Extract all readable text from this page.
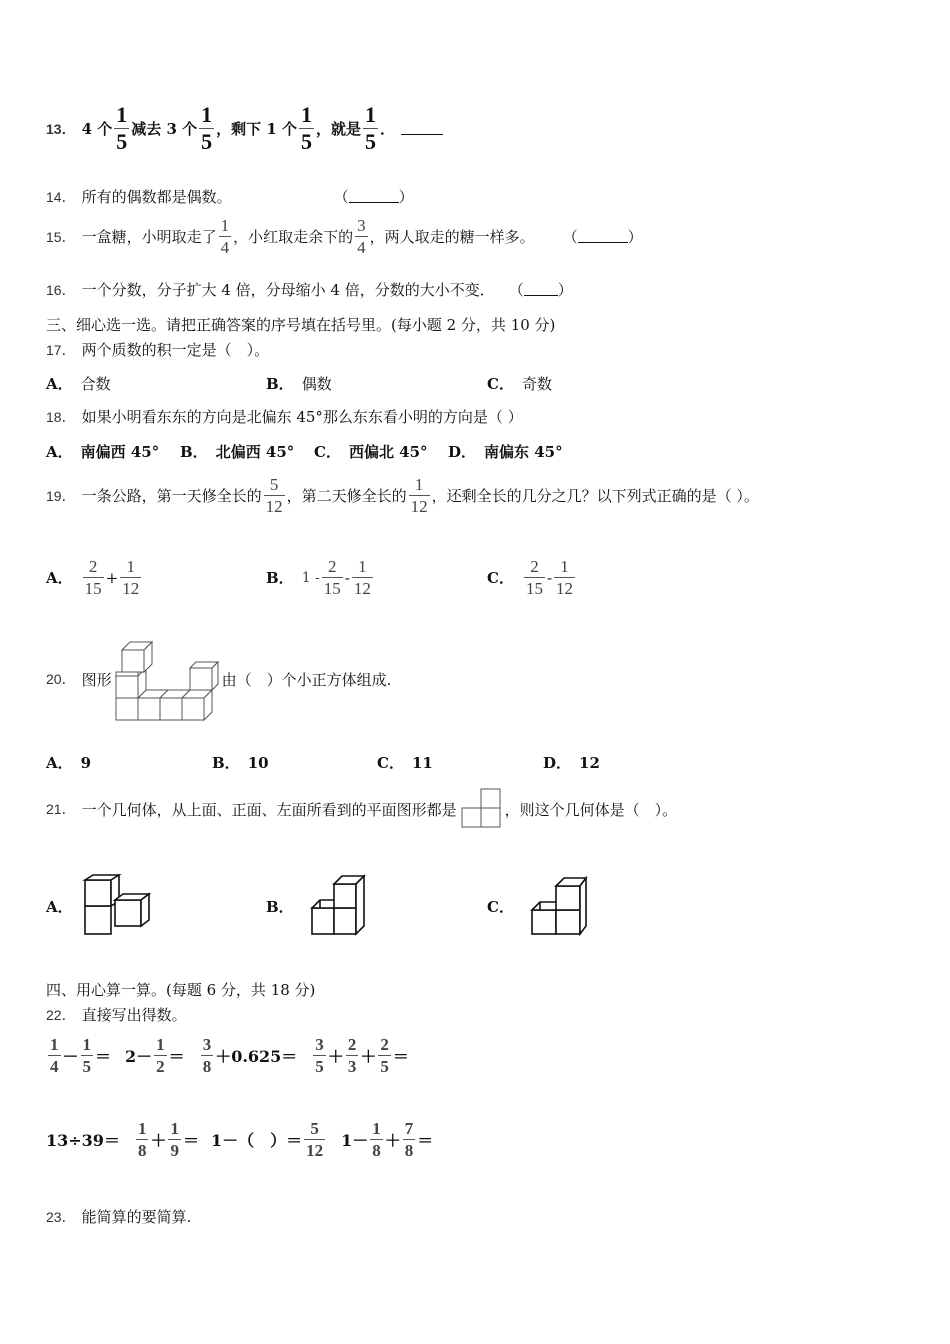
13． 4 个 $\frac{1}{5}$ 减去 3 个 $\frac{1}{5}$ ，剩下 1 个 $\frac{1}{5}$ ，就是 $\frac{1}{5}$ ．
14． 所有的偶数都是偶数。	（	）
15． 一盒糖，小明取走了 $\frac{1}{4}$ ，小红取走余下的 $\frac{3}{4}$ ，两人取走的糖一样多。 （	）
16． 一个分数，分子扩大 4 倍，分母缩小 4 倍，分数的大小不变． （ ）
三、细心选一选。请把正确答案的序号填在括号里。(每小题 2 分，共 10 分)
17． 两个质数的积一定是（　）。
A． 合数	B． 偶数	C． 奇数
18． 如果小明看东东的方向是北偏东 45°那么东东看小明的方向是（ ）
A． 南偏西 45° B． 北偏西 45° C． 西偏北 45° D． 南偏东 45°
19． 一条公路，第一天修全长的 $\frac{5}{12}$ ，第二天修全长的 $\frac{1}{12}$ ，还剩全长的几分之几？以下列式正确的是（ ）。
A． $\frac{2}{15} + \frac{1}{12}$	B． $1 - \frac{2}{15} - \frac{1}{12}$	C． $\frac{2}{15} - \frac{1}{12}$
20． 图形	由（　）个小正方体组成.
A． 9	B． 10	C． 11	D． 12
21． 一个几何体，从上面、正面、左面所看到的平面图形都是	，则这个几何体是（　）。
A．	B．	C．
四、用心算一算。(每题 6 分，共 18 分)
22． 直接写出得数。
$\frac{1}{4} - \frac{1}{5} = 2- \frac{1}{2} = \frac{3}{8} +0.625= \frac{3}{5} + \frac{2}{3} + \frac{2}{5}$ ＝
$13\div 39= \frac{1}{8} + \frac{1}{9} = 1-$（　）＝ $\frac{5}{12} 1- \frac{1}{8} + \frac{7}{8}$ ＝
23． 能简算的要简算.
